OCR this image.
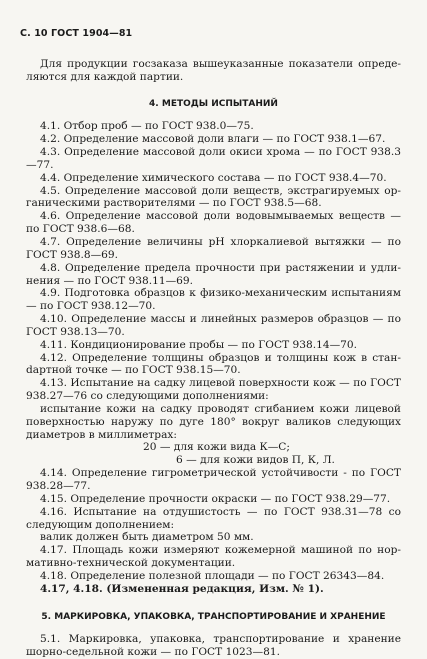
С. 10 ГОСТ 1904—81

Для продукции госзаказа вышеуказанные показатели определяются для каждой партии.

4. МЕТОДЫ ИСПЫТАНИЙ

4.1. Отбор проб — по ГОСТ 938.0—75.

4.2. Определение массовой доли влаги — по ГОСТ 938.1—67.

4.3. Определение массовой доли окиси хрома — по ГОСТ 938.3—77.

4.4. Определение химического состава — по ГОСТ 938.4—70.

4.5. Определение массовой доли веществ, экстрагируемых органическими растворителями — по ГОСТ 938.5—68.

4.6. Определение массовой доли водовымываемых веществ — по ГОСТ 938.6—68.

4.7. Определение величины pH хлоркалиевой вытяжки — по ГОСТ 938.8—69.

4.8. Определение предела прочности при растяжении и удлинения — по ГОСТ 938.11—69.

4.9. Подготовка образцов к физико-механическим испытаниям — по ГОСТ 938.12—70.

4.10. Определение массы и линейных размеров образцов — по ГОСТ 938.13—70.

4.11. Кондиционирование пробы — по ГОСТ 938.14—70.

4.12. Определение толщины образцов и толщины кож в станdартной точке — по ГОСТ 938.15—70.

4.13. Испытание на садку лицевой поверхности кож — по ГОСТ 938.27—76 со следующими дополнениями:

испытание кожи на садку проводят сгибанием кожи лицевой поверхностью наружу по дуге 180° вокруг валиков следующих диаметров в миллиметрах:

20 — для кожи вида К—С;

6 — для кожи видов П, К, Л.

4.14. Определение гигрометрической устойчивости - по ГОСТ 938.28—77.

4.15. Определение прочности окраски — по ГОСТ 938.29—77.

4.16. Испытание на отдушистость — по ГОСТ 938.31—78 со следующим дополнением:

валик должен быть диаметром 50 мм.

4.17. Площадь кожи измеряют кожемерной машиной по нормативно-технической документации.

4.18. Определение полезной площади — по ГОСТ 26343—84.

4.17, 4.18. (Измененная редакция, Изм. № 1).

5. МАРКИРОВКА, УПАКОВКА, ТРАНСПОРТИРОВАНИЕ И ХРАНЕНИЕ

5.1. Маркировка, упаковка, транспортирование и хранение шорно-седельной кожи — по ГОСТ 1023—81.
